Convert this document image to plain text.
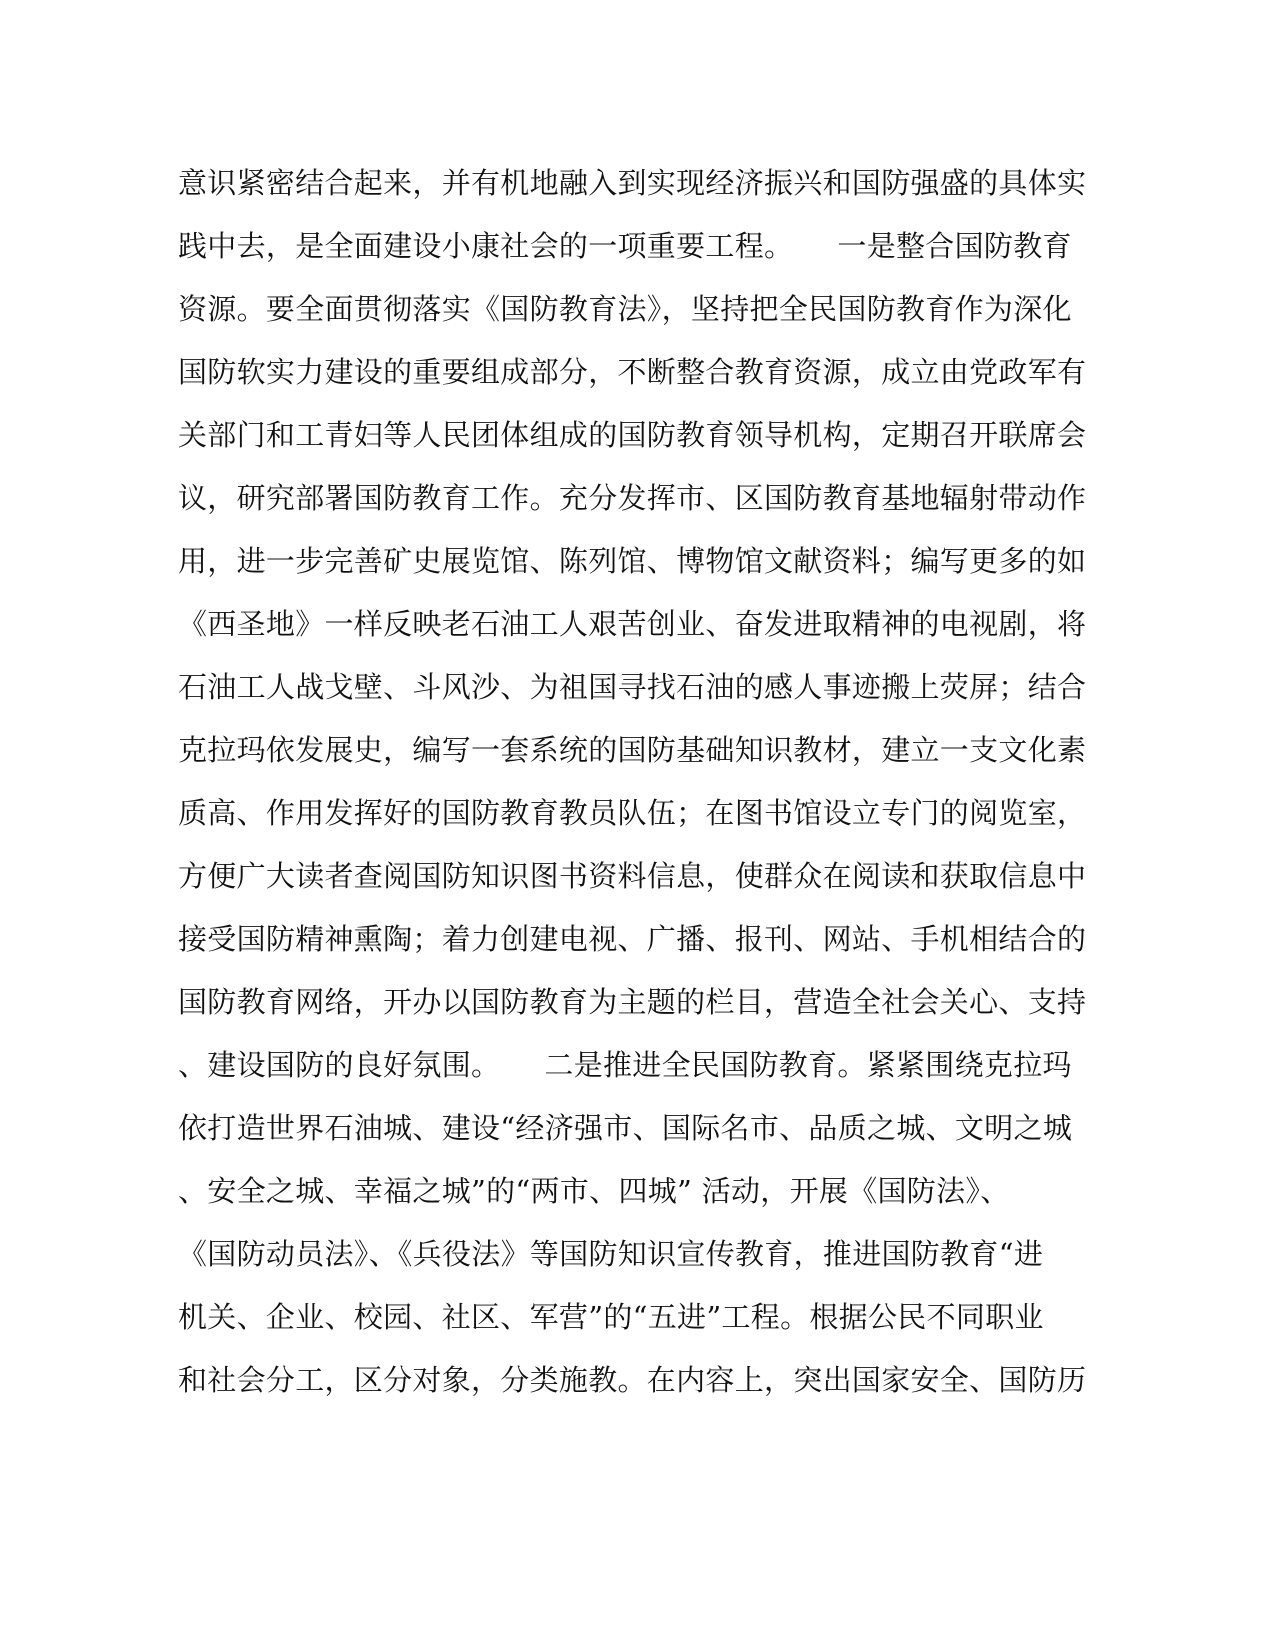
意识紧密结合起来，并有机地融入到实现经济振兴和国防强盛的具体实
践中去，是全面建设小康社会的一项重要工程。　　一是整合国防教育
资源。要全面贯彻落实《国防教育法》，坚持把全民国防教育作为深化
国防软实力建设的重要组成部分，不断整合教育资源，成立由党政军有
关部门和工青妇等人民团体组成的国防教育领导机构，定期召开联席会
议，研究部署国防教育工作。充分发挥市、区国防教育基地辐射带动作
用，进一步完善矿史展览馆、陈列馆、博物馆文献资料；编写更多的如
《西圣地》一样反映老石油工人艰苦创业、奋发进取精神的电视剧，将
石油工人战戈壁、斗风沙、为祖国寻找石油的感人事迹搬上荧屏；结合
克拉玛依发展史，编写一套系统的国防基础知识教材，建立一支文化素
质高、作用发挥好的国防教育教员队伍；在图书馆设立专门的阅览室，
方便广大读者查阅国防知识图书资料信息，使群众在阅读和获取信息中
接受国防精神熏陶；着力创建电视、广播、报刊、网站、手机相结合的
国防教育网络，开办以国防教育为主题的栏目，营造全社会关心、支持
、建设国防的良好氛围。　　二是推进全民国防教育。紧紧围绕克拉玛
依打造世界石油城、建设“经济强市、国际名市、品质之城、文明之城
、安全之城、幸福之城”的“两市、四城” 活动，开展《国防法》、
《国防动员法》、《兵役法》等国防知识宣传教育，推进国防教育“进
机关、企业、校园、社区、军营”的“五进”工程。根据公民不同职业
和社会分工，区分对象，分类施教。在内容上，突出国家安全、国防历
